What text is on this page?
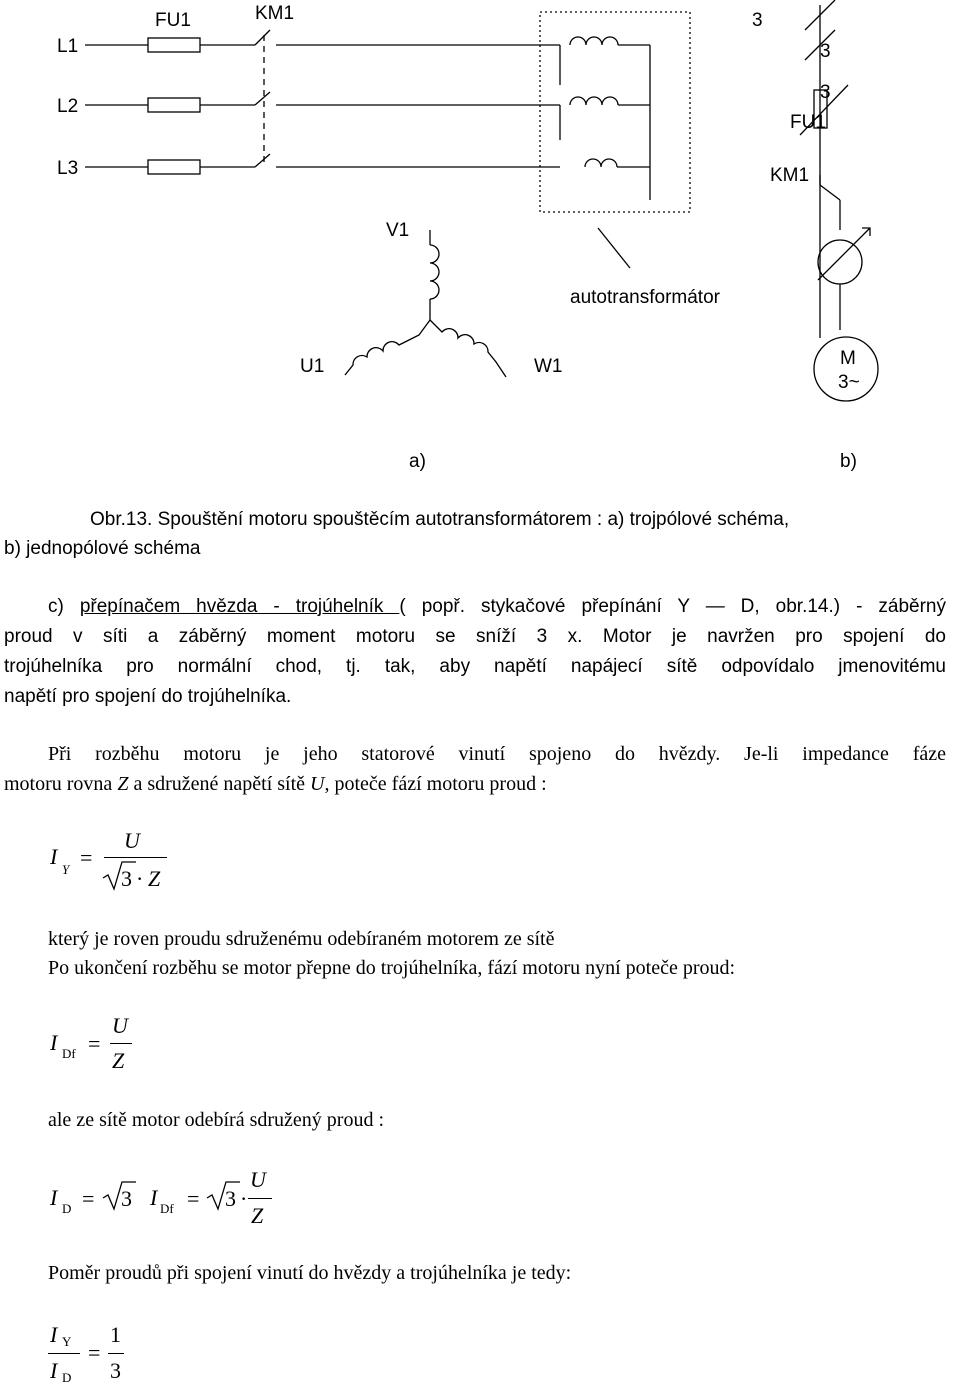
L1
L2
L3
FU1	KM1
V1
U1	W1
autotransformátor
3
3
3
FU1
KM1
M
3~
a)	b)
Obr.13. Spouštění motoru spouštěcím autotransformátorem : a) trojpólové schéma,
b) jednopólové schéma
c) přepínačem hvězda - trojúhelník ( popř. stykačové přepínání Y — D, obr.14.) - záběrný
proud v síti a záběrný moment motoru se sníží 3 x. Motor je navržen pro spojení do
trojúhelníka pro normální chod, tj. tak, aby napětí napájecí sítě odpovídalo jmenovitému
napětí pro spojení do trojúhelníka.
Při rozběhu motoru je jeho statorové vinutí spojeno do hvězdy. Je-li impedance fáze
motoru rovna Z a sdružené napětí sítě U, poteče fází motoru proud :
I
Y =
U
3 · Z
který je roven proudu sdruženému odebíraném motorem ze sítě
Po ukončení rozběhu se motor přepne do trojúhelníka, fází motoru nyní poteče proud:
I Df =
U
Z
ale ze sítě motor odebírá sdružený proud :
I D = 3 I Df = 3 ·
U
Z
Poměr proudů při spojení vinutí do hvězdy a trojúhelníka je tedy:
I Y
I D
=
1
3
